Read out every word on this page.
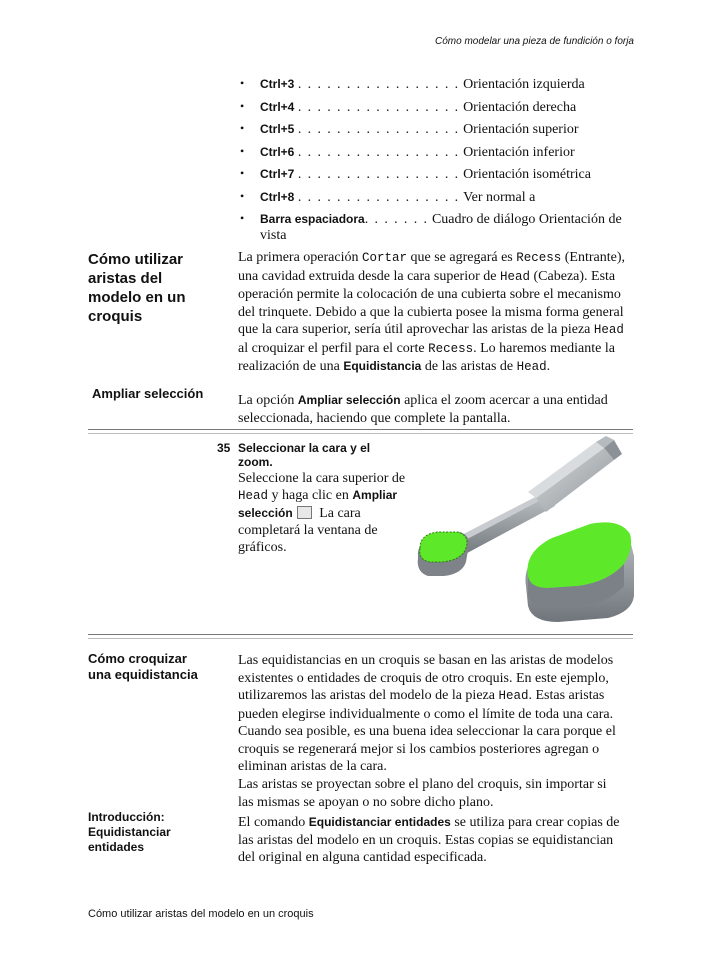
Cómo modelar una pieza de fundición o forja
• Ctrl+3 . . . . . . . . . . . . . . . . . Orientación izquierda
• Ctrl+4 . . . . . . . . . . . . . . . . . Orientación derecha
• Ctrl+5 . . . . . . . . . . . . . . . . . Orientación superior
• Ctrl+6 . . . . . . . . . . . . . . . . . Orientación inferior
• Ctrl+7 . . . . . . . . . . . . . . . . . Orientación isométrica
• Ctrl+8 . . . . . . . . . . . . . . . . . Ver normal a
• Barra espaciadora. . . . . . . Cuadro de diálogo Orientación de vista
Cómo utilizar aristas del modelo en un croquis

La primera operación Cortar que se agregará es Recess (Entrante), una cavidad extruida desde la cara superior de Head (Cabeza). Esta operación permite la colocación de una cubierta sobre el mecanismo del trinquete. Debido a que la cubierta posee la misma forma general que la cara superior, sería útil aprovechar las aristas de la pieza Head al croquizar el perfil para el corte Recess. Lo haremos mediante la realización de una Equidistancia de las aristas de Head.

Ampliar selección La opción Ampliar selección aplica el zoom acercar a una entidad seleccionada, haciendo que complete la pantalla.

35 Seleccionar la cara y el zoom.

Seleccione la cara superior de Head y haga clic en Ampliar selección La cara completará la ventana de gráficos.

Cómo croquizar una equidistancia

Las equidistancias en un croquis se basan en las aristas de modelos existentes o entidades de croquis de otro croquis. En este ejemplo, utilizaremos las aristas del modelo de la pieza Head. Estas aristas pueden elegirse individualmente o como el límite de toda una cara. Cuando sea posible, es una buena idea seleccionar la cara porque el croquis se regenerará mejor si los cambios posteriores agregan o eliminan aristas de la cara.

Las aristas se proyectan sobre el plano del croquis, sin importar si las mismas se apoyan o no sobre dicho plano.

Introducción: Equidistanciar entidades

El comando Equidistanciar entidades se utiliza para crear copias de las aristas del modelo en un croquis. Estas copias se equidistancian del original en alguna cantidad especificada.

Cómo utilizar aristas del modelo en un croquis
